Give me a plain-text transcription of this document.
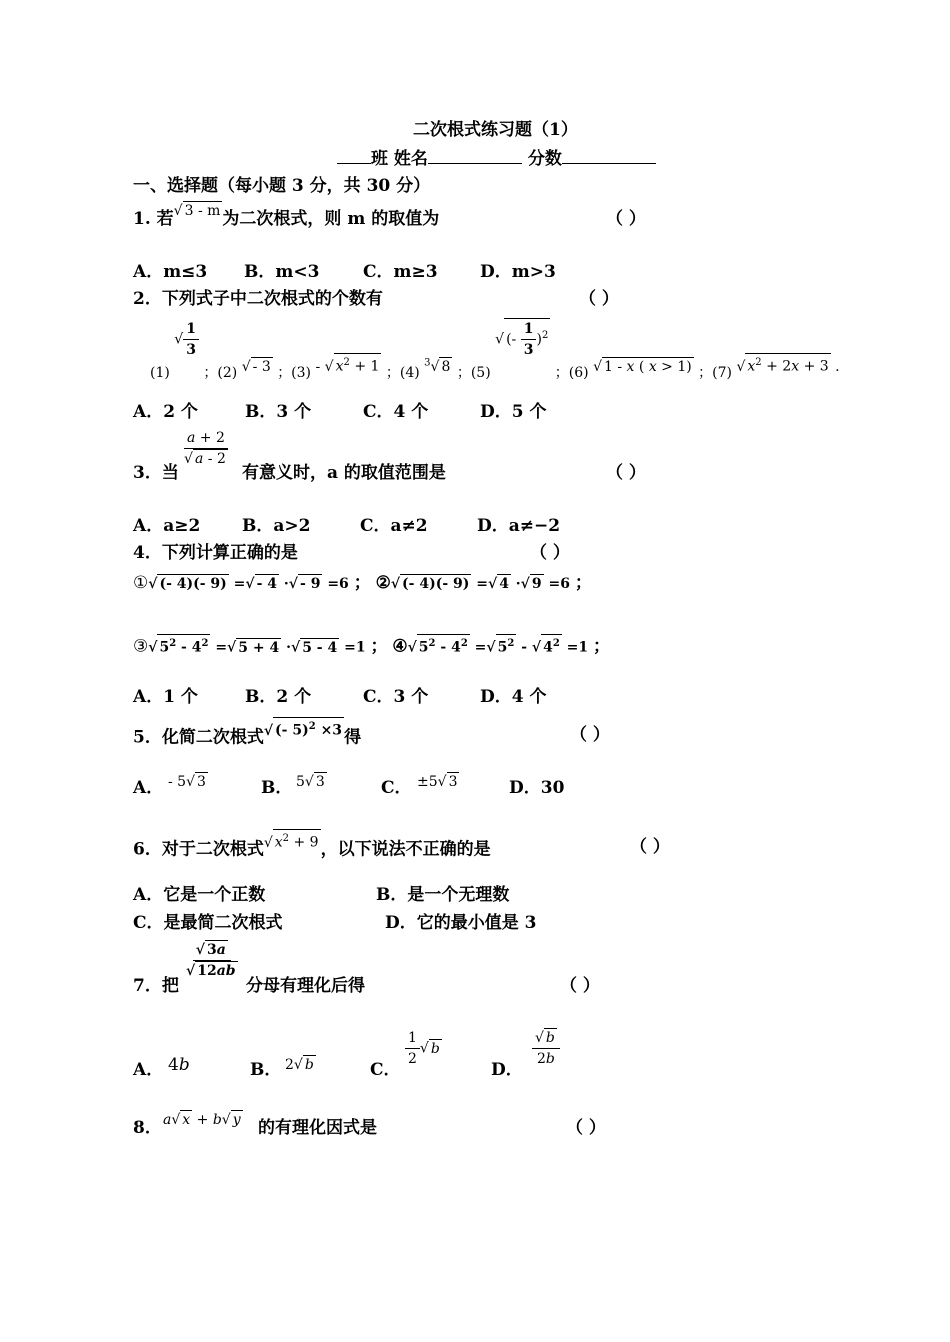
二次根式练习题（1）
班 姓名	分数
一、选择题（每小题 3 分，共 30 分）
1. 若√ 3 - m 为二次根式，则 m 的取值为	（ ）
A．m≤3 B．m<3	C．m≥3 D．m>3
2．下列式子中二次根式的个数有	（ ）
(1) √ $\frac{1}{3}$
；(2) √ - 3 ；(3) - √ $x^2 + 1$ ；(4) $^3$√ 8 ；(5) √ (- $\frac{1}{3} )^2$ ；(6) √ 1 - x ( x > 1) ；(7) √ $x^2 + 2x + 3$ .
A．2 个	B．3 个	C．4 个	D．5 个
$\frac{a + 2}{√ a - 2}$
3．当	有意义时，a 的取值范围是	（ ）
A．a≥2 B．a>2	C．a≠2	D．a≠−2
4．下列计算正确的是	（ ）
①√ (- 4)(- 9) =√ - 4 ·√ - 9 =6 ； ②√ (- 4)(- 9) =√ 4 ·√ 9 =6 ；
③√ $5^2 - 4^2$ =√ 5 + 4 ·√ 5 - 4 =1 ； ④√ $5^2 - 4^2$ =√ $5^2$ - √ $4^2 =1$ ；
A．1 个	B．2 个	C．3 个	D．4 个
5．化简二次根式$^{√ (- 5)^2 \times 3}$ 得	（ ）
A． - 5√ 3	B． 5√ 3	C． ±5√ 3	D．30
6．对于二次根式$^{√ x^2 + 9}$ ，以下说法不正确的是	（ ）
A．它是一个正数	B．是一个无理数
C．是最简二次根式	D．它的最小值是 3
$\frac{√ 3a}{√ 12ab}$
7．把	分母有理化后得	（ ）
A． 4b	B． 2√ b	C．
$\frac{1}{2}$ √ b
D．
$\frac{√ b}{2b}$
8． a√ x + b√ y 的有理化因式是	（ ）
